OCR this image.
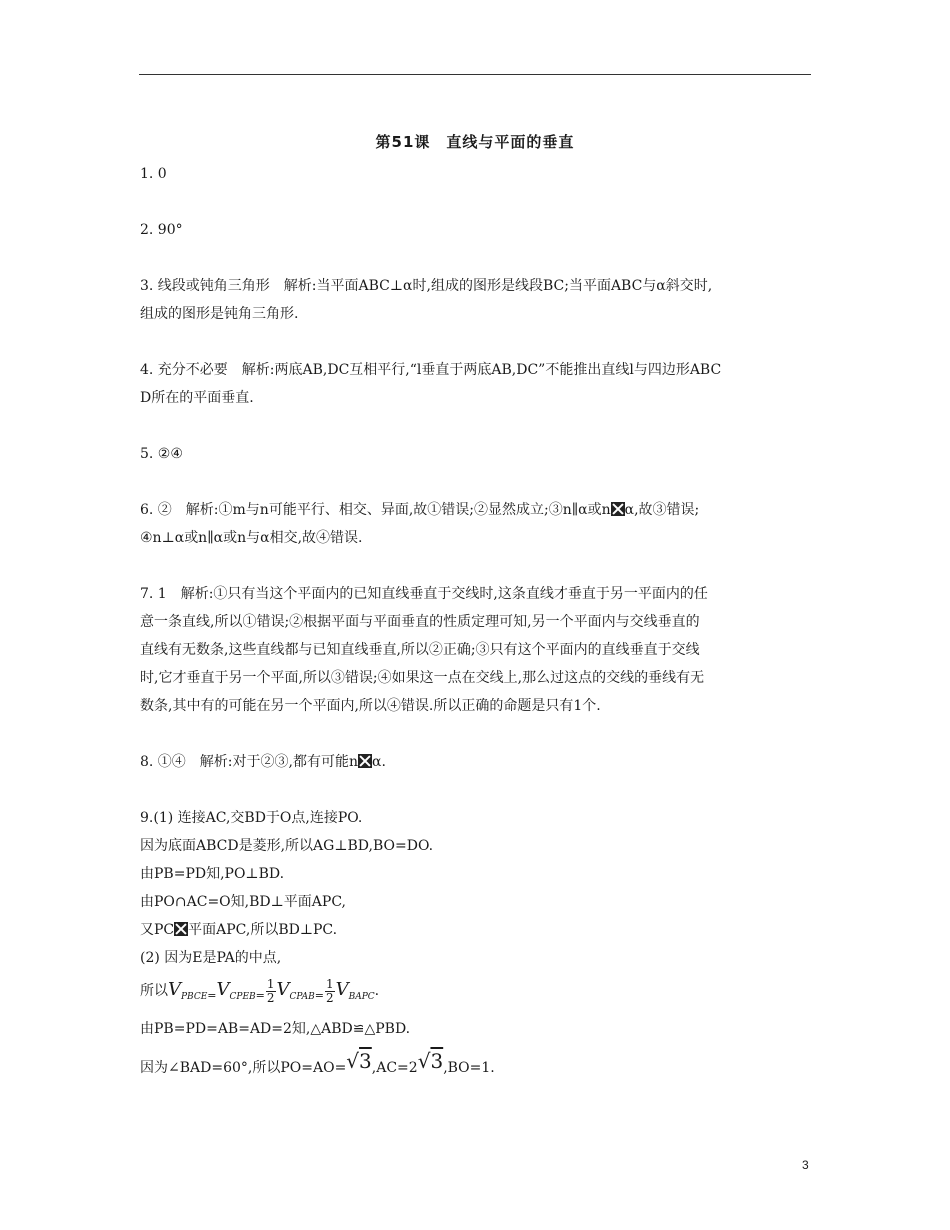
第51课　直线与平面的垂直

1. 0

2. 90°

3. 线段或钝角三角形　解析:当平面ABC⊥α时,组成的图形是线段BC;当平面ABC与α斜交时,

组成的图形是钝角三角形.

4. 充分不必要　解析:两底AB,DC互相平行,“l垂直于两底AB,DC”不能推出直线l与四边形ABC

D所在的平面垂直.

5. ②④

6. ②　解析:①m与n可能平行、相交、异面,故①错误;②显然成立;③n∥α或n α,故③错误;

④n⊥α或n∥α或n与α相交,故④错误.

7. 1　解析:①只有当这个平面内的已知直线垂直于交线时,这条直线才垂直于另一平面内的任

意一条直线,所以①错误;②根据平面与平面垂直的性质定理可知,另一个平面内与交线垂直的

直线有无数条,这些直线都与已知直线垂直,所以②正确;③只有这个平面内的直线垂直于交线

时,它才垂直于另一个平面,所以③错误;④如果这一点在交线上,那么过这点的交线的垂线有无

数条,其中有的可能在另一个平面内,所以④错误.所以正确的命题是只有1个.

8. ①④　解析:对于②③,都有可能n α.

9.(1) 连接AC,交BD于O点,连接PO.

因为底面ABCD是菱形,所以AG⊥BD,BO=DO.

由PB=PD知,PO⊥BD.

由PO∩AC=O知,BD⊥平面APC,

又PC 平面APC,所以BD⊥PC.

(2) 因为E是PA的中点,

所以$V_{PBCE=}V_{CPEB=} \frac{1}{2} V_{CPAB=} \frac{1}{2} V_{BAPC}$.

由PB=PD=AB=AD=2知,△ABD≌△PBD.

因为∠BAD=60°,所以PO=AO=√3,AC=2√3,BO=1.

3
